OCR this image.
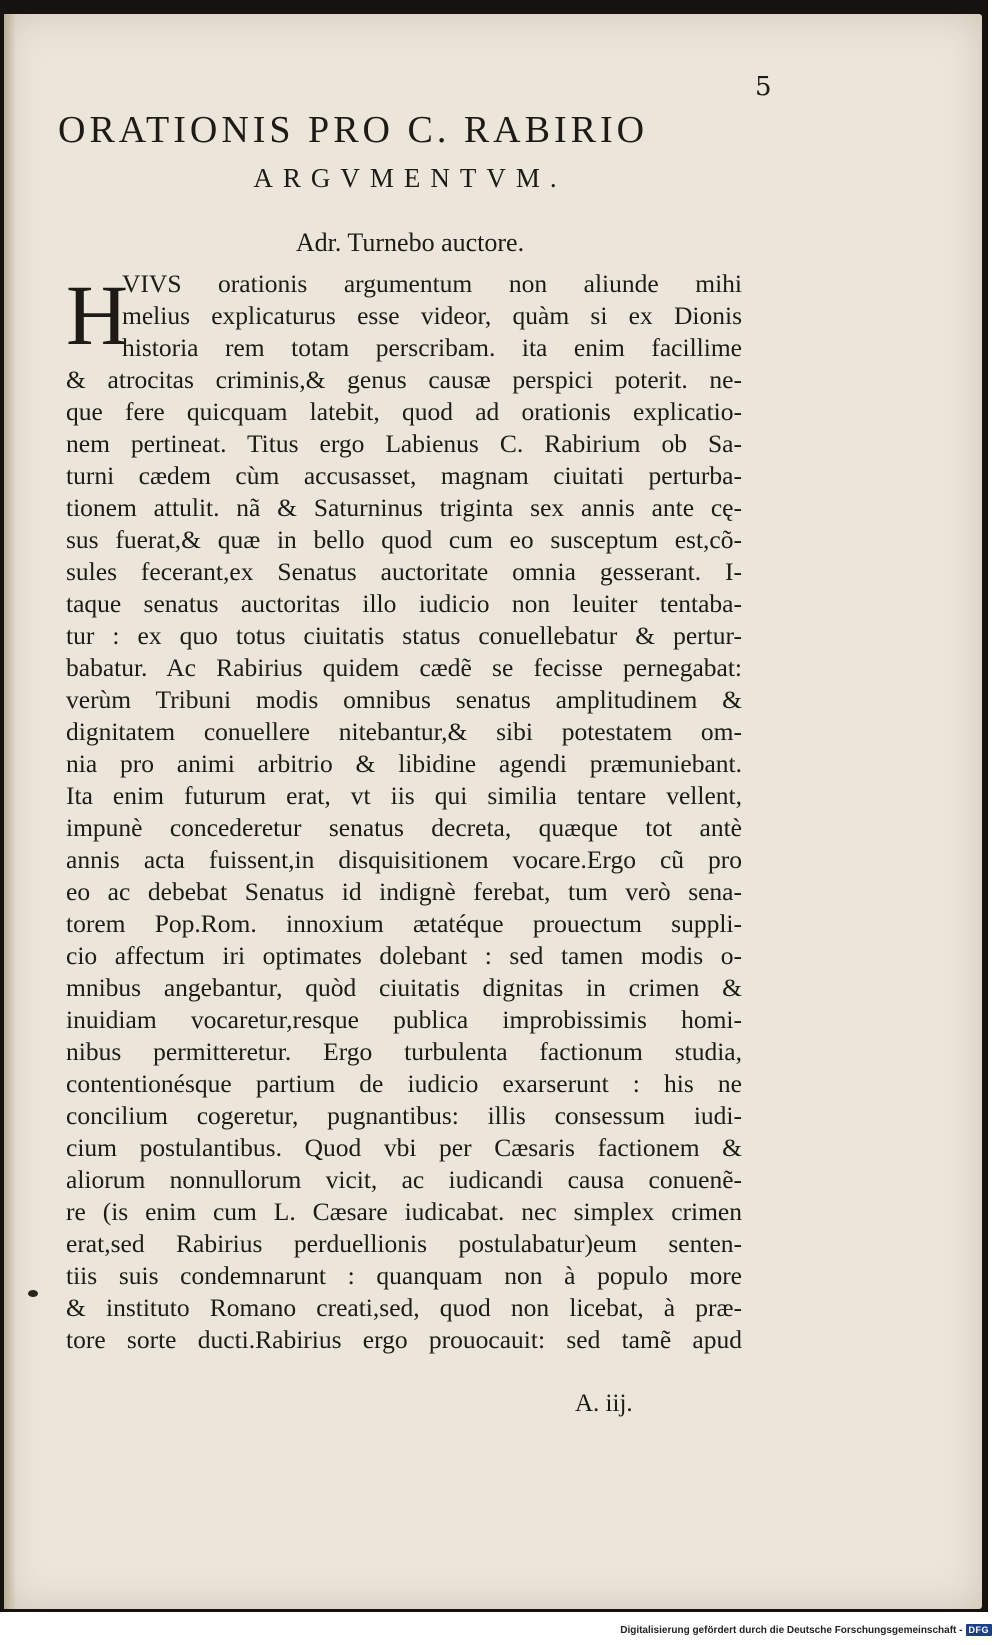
5
ORATIONIS PRO C. RABIRIO
ARGVMENTVM.
Adr. Turnebo auctore.
H
VIVS orationis argumentum non aliunde mihi
melius explicaturus esse videor, quàm si ex Dionis
historia rem totam perscribam. ita enim facillime
& atrocitas criminis,& genus causæ perspici poterit. ne-
que fere quicquam latebit, quod ad orationis explicatio-
nem pertineat. Titus ergo Labienus C. Rabirium ob Sa-
turni cædem cùm accusasset, magnam ciuitati perturba-
tionem attulit. nã & Saturninus triginta sex annis ante cę-
sus fuerat,& quæ in bello quod cum eo susceptum est,cõ-
sules fecerant,ex Senatus auctoritate omnia gesserant. I-
taque senatus auctoritas illo iudicio non leuiter tentaba-
tur : ex quo totus ciuitatis status conuellebatur & pertur-
babatur. Ac Rabirius quidem cædẽ se fecisse pernegabat:
verùm Tribuni modis omnibus senatus amplitudinem &
dignitatem conuellere nitebantur,& sibi potestatem om-
nia pro animi arbitrio & libidine agendi præmuniebant.
Ita enim futurum erat, vt iis qui similia tentare vellent,
impunè concederetur senatus decreta, quæque tot antè
annis acta fuissent,in disquisitionem vocare.Ergo cũ pro
eo ac debebat Senatus id indignè ferebat, tum verò sena-
torem Pop.Rom. innoxium ætatéque prouectum suppli-
cio affectum iri optimates dolebant : sed tamen modis o-
mnibus angebantur, quòd ciuitatis dignitas in crimen &
inuidiam vocaretur,resque publica improbissimis homi-
nibus permitteretur. Ergo turbulenta factionum studia,
contentionésque partium de iudicio exarserunt : his ne
concilium cogeretur, pugnantibus: illis consessum iudi-
cium postulantibus. Quod vbi per Cæsaris factionem &
aliorum nonnullorum vicit, ac iudicandi causa conuenẽ-
re (is enim cum L. Cæsare iudicabat. nec simplex crimen
erat,sed Rabirius perduellionis postulabatur)eum senten-
tiis suis condemnarunt : quanquam non à populo more
& instituto Romano creati,sed, quod non licebat, à præ-
tore sorte ducti.Rabirius ergo prouocauit: sed tamẽ apud
A. iij.
Digitalisierung gefördert durch die Deutsche Forschungsgemeinschaft - DFG
